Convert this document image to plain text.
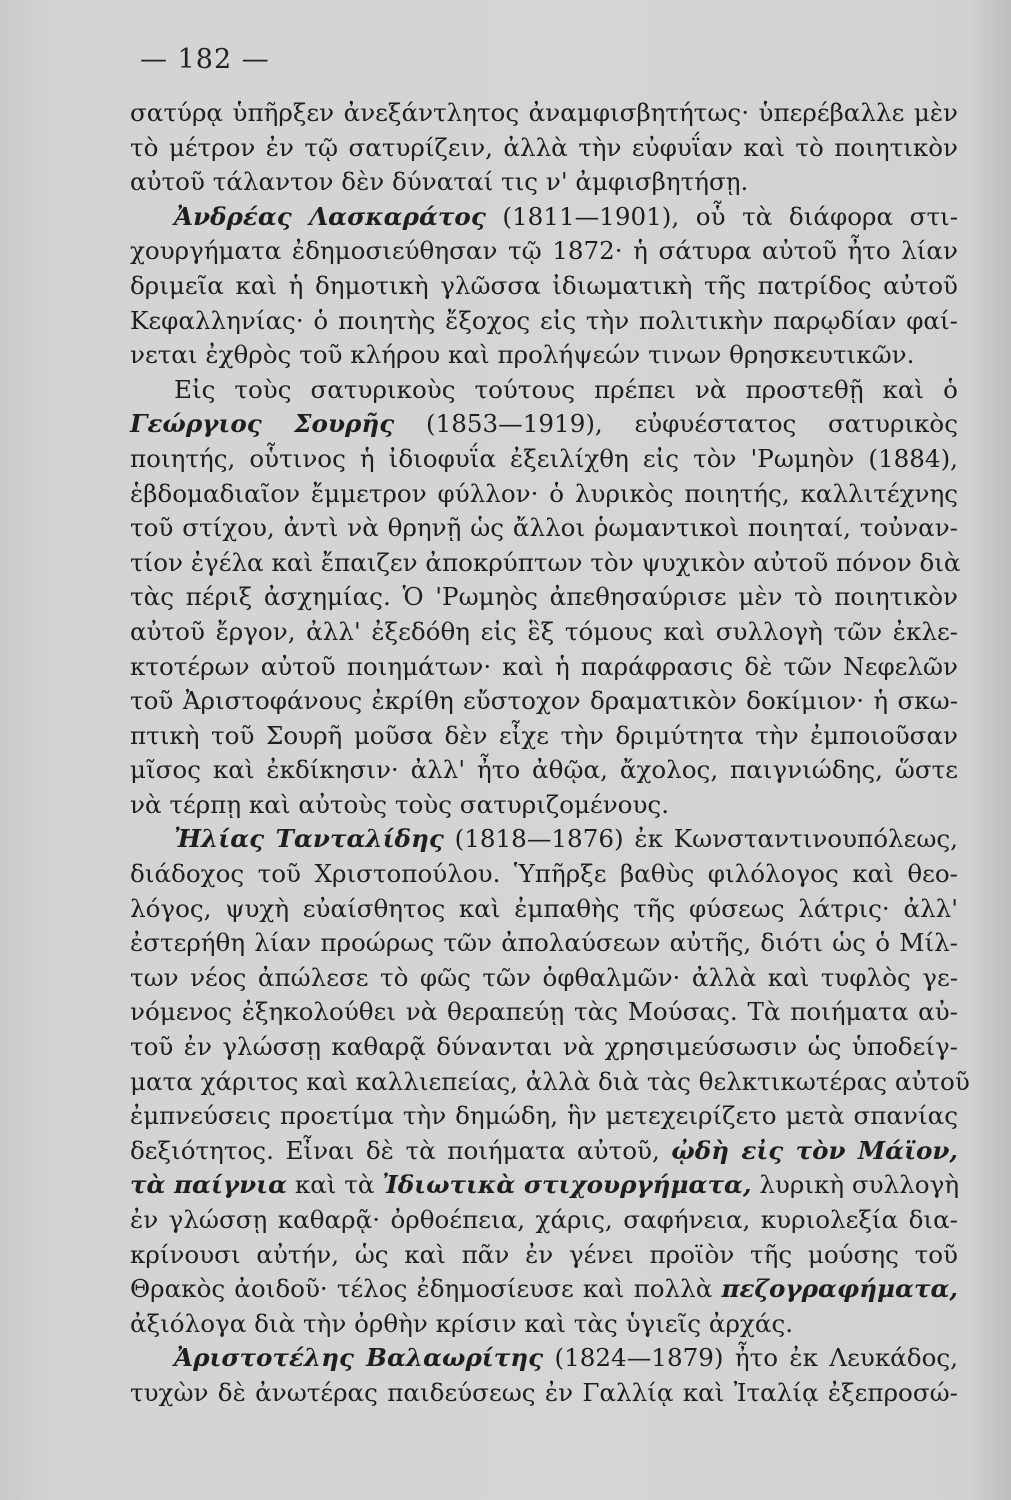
— 182 —
σατύρᾳ ὑπῆρξεν ἀνεξάντλητος ἀναμφισβητήτως· ὑπερέβαλλε μὲν
τὸ μέτρον ἐν τῷ σατυρίζειν, ἀλλὰ τὴν εὐφυΐαν καὶ τὸ ποιητικὸν
αὐτοῦ τάλαντον δὲν δύναταί τις ν' ἀμφισβητήσῃ.
Ἀνδρέας Λασκαράτος (1811—1901), οὗ τὰ διάφορα στι-
χουργήματα ἐδημοσιεύθησαν τῷ 1872· ἡ σάτυρα αὐτοῦ ἦτο λίαν
δριμεῖα καὶ ἡ δημοτικὴ γλῶσσα ἰδιωματικὴ τῆς πατρίδος αὐτοῦ
Κεφαλληνίας· ὁ ποιητὴς ἔξοχος εἰς τὴν πολιτικὴν παρῳδίαν φαί-
νεται ἐχθρὸς τοῦ κλήρου καὶ προλήψεών τινων θρησκευτικῶν.
Εἰς τοὺς σατυρικοὺς τούτους πρέπει νὰ προστεθῇ καὶ ὁ
Γεώργιος Σουρῆς (1853—1919), εὐφυέστατος σατυρικὸς
ποιητής, οὗτινος ἡ ἰδιοφυΐα ἐξειλίχθη εἰς τὸν 'Ρωμηὸν (1884),
ἑβδομαδιαῖον ἔμμετρον φύλλον· ὁ λυρικὸς ποιητής, καλλιτέχνης
τοῦ στίχου, ἀντὶ νὰ θρηνῇ ὡς ἄλλοι ῥωμαντικοὶ ποιηταί, τοὐναν-
τίον ἐγέλα καὶ ἔπαιζεν ἀποκρύπτων τὸν ψυχικὸν αὐτοῦ πόνον διὰ
τὰς πέριξ ἀσχημίας. Ὁ 'Ρωμηὸς ἀπεθησαύρισε μὲν τὸ ποιητικὸν
αὐτοῦ ἔργον, ἀλλ' ἐξεδόθη εἰς ἓξ τόμους καὶ συλλογὴ τῶν ἐκλε-
κτοτέρων αὐτοῦ ποιημάτων· καὶ ἡ παράφρασις δὲ τῶν Νεφελῶν
τοῦ Ἀριστοφάνους ἐκρίθη εὔστοχον δραματικὸν δοκίμιον· ἡ σκω-
πτικὴ τοῦ Σουρῆ μοῦσα δὲν εἶχε τὴν δριμύτητα τὴν ἐμποιοῦσαν
μῖσος καὶ ἐκδίκησιν· ἀλλ' ἦτο ἀθῷα, ἄχολος, παιγνιώδης, ὥστε
νὰ τέρπῃ καὶ αὐτοὺς τοὺς σατυριζομένους.
Ἠλίας Τανταλίδης (1818—1876) ἐκ Κωνσταντινουπόλεως,
διάδοχος τοῦ Χριστοπούλου. Ὑπῆρξε βαθὺς φιλόλογος καὶ θεο-
λόγος, ψυχὴ εὐαίσθητος καὶ ἐμπαθὴς τῆς φύσεως λάτρις· ἀλλ'
ἐστερήθη λίαν προώρως τῶν ἀπολαύσεων αὐτῆς, διότι ὡς ὁ Μίλ-
των νέος ἀπώλεσε τὸ φῶς τῶν ὀφθαλμῶν· ἀλλὰ καὶ τυφλὸς γε-
νόμενος ἐξηκολούθει νὰ θεραπεύῃ τὰς Μούσας. Τὰ ποιήματα αὐ-
τοῦ ἐν γλώσσῃ καθαρᾷ δύνανται νὰ χρησιμεύσωσιν ὡς ὑποδείγ-
ματα χάριτος καὶ καλλιεπείας, ἀλλὰ διὰ τὰς θελκτικωτέρας αὐτοῦ
ἐμπνεύσεις προετίμα τὴν δημώδη, ἣν μετεχειρίζετο μετὰ σπανίας
δεξιότητος. Εἶναι δὲ τὰ ποιήματα αὐτοῦ, ᾠδὴ εἰς τὸν Μάϊον,
τὰ παίγνια καὶ τὰ Ἰδιωτικὰ στιχουργήματα, λυρικὴ συλλογὴ
ἐν γλώσσῃ καθαρᾷ· ὀρθοέπεια, χάρις, σαφήνεια, κυριολεξία δια-
κρίνουσι αὐτήν, ὡς καὶ πᾶν ἐν γένει προϊὸν τῆς μούσης τοῦ
Θρακὸς ἀοιδοῦ· τέλος ἐδημοσίευσε καὶ πολλὰ πεζογραφήματα,
ἀξιόλογα διὰ τὴν ὀρθὴν κρίσιν καὶ τὰς ὑγιεῖς ἀρχάς.
Ἀριστοτέλης Βαλαωρίτης (1824—1879) ἦτο ἐκ Λευκάδος,
τυχὼν δὲ ἀνωτέρας παιδεύσεως ἐν Γαλλίᾳ καὶ Ἰταλίᾳ ἐξεπροσώ-
